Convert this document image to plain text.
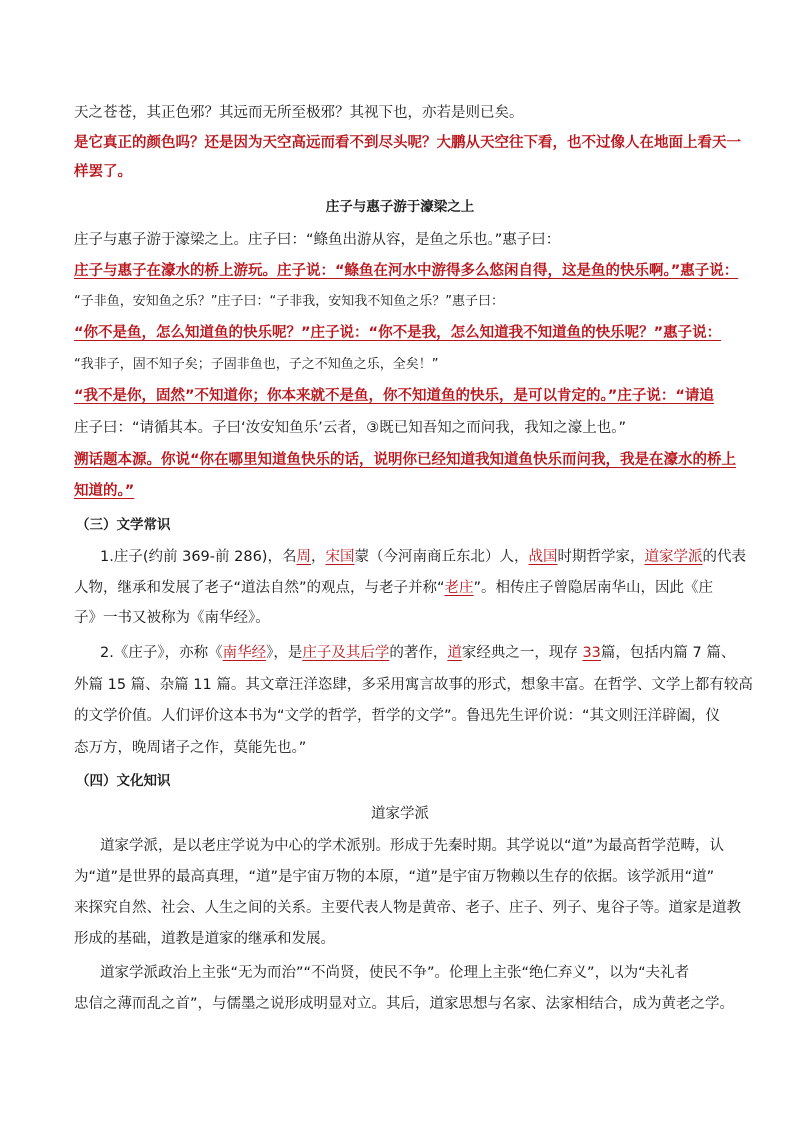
天之苍苍，其正色邪？其远而无所至极邪？其视下也，亦若是则已矣。
是它真正的颜色吗？还是因为天空高远而看不到尽头呢？大鹏从天空往下看，也不过像人在地面上看天一
样罢了。
庄子与惠子游于濠梁之上
庄子与惠子游于濠梁之上。庄子曰：“鲦鱼出游从容，是鱼之乐也。”惠子曰：
庄子与惠子在濠水的桥上游玩。庄子说：“鲦鱼在河水中游得多么悠闲自得，这是鱼的快乐啊。”惠子说：
“子非鱼，安知鱼之乐？”庄子曰：“子非我，安知我不知鱼之乐？”惠子曰：
“你不是鱼，怎么知道鱼的快乐呢？”庄子说：“你不是我，怎么知道我不知道鱼的快乐呢？”惠子说：
“我非子，固不知子矣；子固非鱼也，子之不知鱼之乐，全矣！”
“我不是你，固然”不知道你；你本来就不是鱼，你不知道鱼的快乐，是可以肯定的。”庄子说：“请追
庄子曰：“请循其本。子曰‘汝安知鱼乐’云者，③既已知吾知之而问我，我知之濠上也。”
溯话题本源。你说“你在哪里知道鱼快乐的话，说明你已经知道我知道鱼快乐而问我，我是在濠水的桥上
知道的。”
（三）文学常识
1.庄子(约前 369-前 286)，名周，宋国蒙（今河南商丘东北）人，战国时期哲学家，道家学派的代表
人物，继承和发展了老子“道法自然”的观点，与老子并称“老庄”。相传庄子曾隐居南华山，因此《庄
子》一书又被称为《南华经》。
2.《庄子》，亦称《南华经》，是庄子及其后学的著作，道家经典之一，现存 33篇，包括内篇 7 篇、
外篇 15 篇、杂篇 11 篇。其文章汪洋恣肆，多采用寓言故事的形式，想象丰富。在哲学、文学上都有较高
的文学价值。人们评价这本书为“文学的哲学，哲学的文学”。鲁迅先生评价说：“其文则汪洋辟阖，仪
态万方，晚周诸子之作，莫能先也。”
（四）文化知识
道家学派
道家学派，是以老庄学说为中心的学术派别。形成于先秦时期。其学说以“道”为最高哲学范畴，认
为“道”是世界的最高真理，“道”是宇宙万物的本原，“道”是宇宙万物赖以生存的依据。该学派用“道”
来探究自然、社会、人生之间的关系。主要代表人物是黄帝、老子、庄子、列子、鬼谷子等。道家是道教
形成的基础，道教是道家的继承和发展。
道家学派政治上主张“无为而治”“不尚贤，使民不争”。伦理上主张“绝仁弃义”，以为“夫礼者
忠信之薄而乱之首”，与儒墨之说形成明显对立。其后，道家思想与名家、法家相结合，成为黄老之学。
